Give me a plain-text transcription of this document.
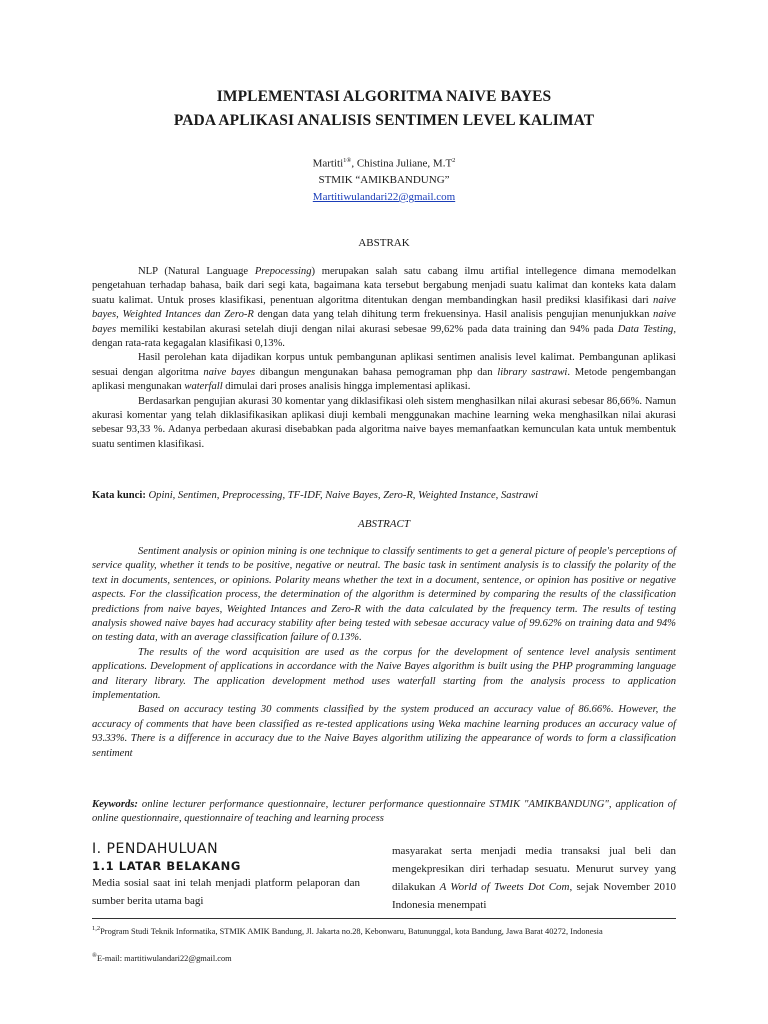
IMPLEMENTASI ALGORITMA NAIVE BAYES
PADA APLIKASI ANALISIS SENTIMEN LEVEL KALIMAT
Martiti$^{1®}$, Chistina Juliane, $M.T^2$
STMIK “AMIKBANDUNG”
Martitiwulandari22@gmail.com
ABSTRAK

NLP (Natural Language Prepocessing) merupakan salah satu cabang ilmu artifial intellegence dimana memodelkan pengetahuan terhadap bahasa, baik dari segi kata, bagaimana kata tersebut bergabung menjadi suatu kalimat dan konteks kata dalam suatu kalimat. Untuk proses klasifikasi, penentuan algoritma ditentukan dengan membandingkan hasil prediksi klasifikasi dari naive bayes, Weighted Intances dan Zero-R dengan data yang telah dihitung term frekuensinya. Hasil analisis pengujian menunjukkan naive bayes memiliki kestabilan akurasi setelah diuji dengan nilai akurasi sebesae 99,62% pada data training dan 94% pada Data Testing, dengan rata-rata kegagalan klasifikasi 0,13%.

Hasil perolehan kata dijadikan korpus untuk pembangunan aplikasi sentimen analisis level kalimat. Pembangunan aplikasi sesuai dengan algoritma naive bayes dibangun mengunakan bahasa pemograman php dan library sastrawi. Metode pengembangan aplikasi mengunakan waterfall dimulai dari proses analisis hingga implementasi aplikasi.

Berdasarkan pengujian akurasi 30 komentar yang diklasifikasi oleh sistem menghasilkan nilai akurasi sebesar 86,66%. Namun akurasi komentar yang telah diklasifikasikan aplikasi diuji kembali menggunakan machine learning weka menghasilkan nilai akurasi sebesar 93,33 %. Adanya perbedaan akurasi disebabkan pada algoritma naive bayes memanfaatkan kemunculan kata untuk membentuk suatu sentimen klasifikasi.

Kata kunci: Opini, Sentimen, Preprocessing, TF-IDF, Naive Bayes, Zero-R, Weighted Instance, Sastrawi
ABSTRACT

Sentiment analysis or opinion mining is one technique to classify sentiments to get a general picture of people's perceptions of service quality, whether it tends to be positive, negative or neutral. The basic task in sentiment analysis is to classify the polarity of the text in documents, sentences, or opinions. Polarity means whether the text in a document, sentence, or opinion has positive or negative aspects. For the classification process, the determination of the algorithm is determined by comparing the results of the classification predictions from naive bayes, Weighted Intances and Zero-R with the data calculated by the frequency term. The results of testing analysis showed naive bayes had accuracy stability after being tested with sebesae accuracy value of 99.62% on training data and 94% on testing data, with an average classification failure of 0.13%.

The results of the word acquisition are used as the corpus for the development of sentence level analysis sentiment applications. Development of applications in accordance with the Naive Bayes algorithm is built using the PHP programming language and literary library. The application development method uses waterfall starting from the analysis process to application implementation.

Based on accuracy testing 30 comments classified by the system produced an accuracy value of 86.66%. However, the accuracy of comments that have been classified as re-tested applications using Weka machine learning produces an accuracy value of 93.33%. There is a difference in accuracy due to the Naive Bayes algorithm utilizing the appearance of words to form a classification sentiment

Keywords: online lecturer performance questionnaire, lecturer performance questionnaire STMIK "AMIKBANDUNG", application of online questionnaire, questionnaire of teaching and learning process
I. PENDAHULUAN
1.1 LATAR BELAKANG
Media sosial saat ini telah menjadi platform pelaporan dan sumber berita utama bagi
masyarakat serta menjadi media transaksi jual beli dan mengekpresikan diri terhadap sesuatu. Menurut survey yang dilakukan A World of Tweets Dot Com, sejak November 2010 Indonesia menempati
$^{1,2}$Program Studi Teknik Informatika, STMIK AMIK Bandung, Jl. Jakarta no.28, Kebonwaru, Batununggal, kota Bandung, Jawa Barat 40272, Indonesia
®E-mail: martitiwulandari22@gmail.com
